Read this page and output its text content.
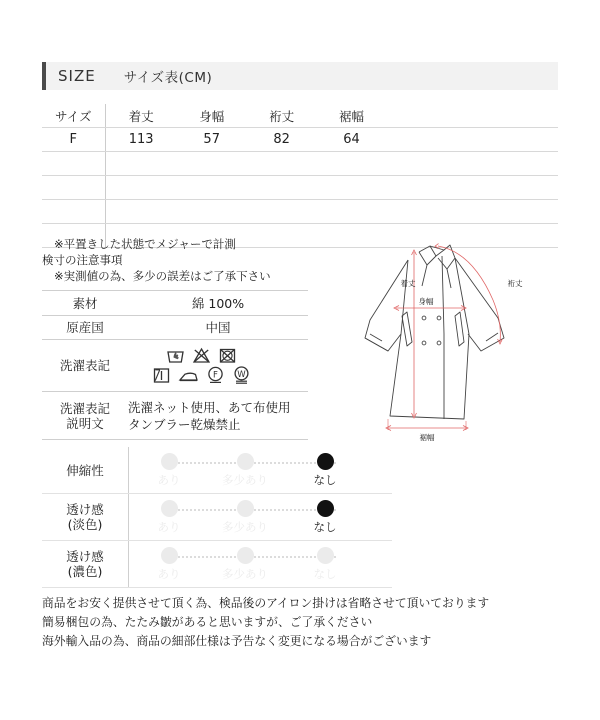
SIZE サイズ表(CM)
サイズ	着丈	身幅	裄丈	裾幅	
F	113	57	82	64	

※平置きした状態でメジャーで計測
検寸の注意事項
※実測値の為、多少の誤差はご了承下さい
素材	綿 100%
原産国	中国
洗濯表記
F W
洗濯表記
説明文
洗濯ネット使用、あて布使用
タンブラー乾燥禁止
伸縮性
あり	多少あり	なし
透け感
(淡色)	あり	多少あり	なし
透け感
(濃色)	あり	多少あり	なし
着丈
身幅
裄丈
裾幅
商品をお安く提供させて頂く為、検品後のアイロン掛けは省略させて頂いております
簡易梱包の為、たたみ皺があると思いますが、ご了承ください
海外輸入品の為、商品の細部仕様は予告なく変更になる場合がございます
